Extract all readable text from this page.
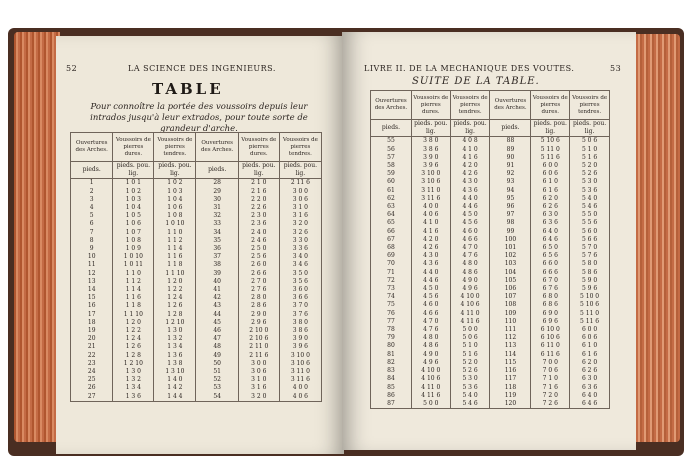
52	LA SCIENCE DES INGENIEURS.
TABLE
Pour connoître la portée des voussoirs depuis leur intrados jusqu'à leur extrados, pour toute sorte de grandeur d'arche.
Ouvertures des Arches.	Voussoirs de pierres dures.	Voussoirs de pierres tendres.	Ouvertures des Arches.	Voussoirs de pierres dures.	Voussoirs de pierres tendres.
pieds.	pieds. pou. lig.	pieds. pou. lig.	pieds.	pieds. pou. lig.	pieds. pou. lig.
1	1 0 1	1 0 2	28	2 1 0	2 11 6
2	1 0 2	1 0 3	29	2 1 6	3 0 0
3	1 0 3	1 0 4	30	2 2 0	3 0 6
4	1 0 4	1 0 6	31	2 2 6	3 1 0
5	1 0 5	1 0 8	32	2 3 0	3 1 6
6	1 0 6	1 0 10	33	2 3 6	3 2 0
7	1 0 7	1 1 0	34	2 4 0	3 2 6
8	1 0 8	1 1 2	35	2 4 6	3 3 0
9	1 0 9	1 1 4	36	2 5 0	3 3 6
10	1 0 10	1 1 6	37	2 5 6	3 4 0
11	1 0 11	1 1 8	38	2 6 0	3 4 6
12	1 1 0	1 1 10	39	2 6 6	3 5 0
13	1 1 2	1 2 0	40	2 7 0	3 5 6
14	1 1 4	1 2 2	41	2 7 6	3 6 0
15	1 1 6	1 2 4	42	2 8 0	3 6 6
16	1 1 8	1 2 6	43	2 8 6	3 7 0
17	1 1 10	1 2 8	44	2 9 0	3 7 6
18	1 2 0	1 2 10	45	2 9 6	3 8 0
19	1 2 2	1 3 0	46	2 10 0	3 8 6
20	1 2 4	1 3 2	47	2 10 6	3 9 0
21	1 2 6	1 3 4	48	2 11 0	3 9 6
22	1 2 8	1 3 6	49	2 11 6	3 10 0
23	1 2 10	1 3 8	50	3 0 0	3 10 6
24	1 3 0	1 3 10	51	3 0 6	3 11 0
25	1 3 2	1 4 0	52	3 1 0	3 11 6
26	1 3 4	1 4 2	53	3 1 6	4 0 0
27	1 3 6	1 4 4	54	3 2 0	4 0 6
LIVRE II. DE LA MECHANIQUE DES VOUTES.	53
SUITE DE LA TABLE.
Ouvertures des Arches.	Voussoirs de pierres dures.	Voussoirs de pierres tendres.	Ouvertures des Arches.	Voussoirs de pierres dures.	Voussoirs de pierres tendres.
pieds.	pieds. pou. lig.	pieds. pou. lig.	pieds.	pieds. pou. lig.	pieds. pou. lig.
55	3 8 0	4 0 8	88	5 10 6	5 0 6
56	3 8 6	4 1 0	89	5 11 0	5 1 0
57	3 9 0	4 1 6	90	5 11 6	5 1 6
58	3 9 6	4 2 0	91	6 0 0	5 2 0
59	3 10 0	4 2 6	92	6 0 6	5 2 6
60	3 10 6	4 3 0	93	6 1 0	5 3 0
61	3 11 0	4 3 6	94	6 1 6	5 3 6
62	3 11 6	4 4 0	95	6 2 0	5 4 0
63	4 0 0	4 4 6	96	6 2 6	5 4 6
64	4 0 6	4 5 0	97	6 3 0	5 5 0
65	4 1 0	4 5 6	98	6 3 6	5 5 6
66	4 1 6	4 6 0	99	6 4 0	5 6 0
67	4 2 0	4 6 6	100	6 4 6	5 6 6
68	4 2 6	4 7 0	101	6 5 0	5 7 0
69	4 3 0	4 7 6	102	6 5 6	5 7 6
70	4 3 6	4 8 0	103	6 6 0	5 8 0
71	4 4 0	4 8 6	104	6 6 6	5 8 6
72	4 4 6	4 9 0	105	6 7 0	5 9 0
73	4 5 0	4 9 6	106	6 7 6	5 9 6
74	4 5 6	4 10 0	107	6 8 0	5 10 0
75	4 6 0	4 10 6	108	6 8 6	5 10 6
76	4 6 6	4 11 0	109	6 9 0	5 11 0
77	4 7 0	4 11 6	110	6 9 6	5 11 6
78	4 7 6	5 0 0	111	6 10 0	6 0 0
79	4 8 0	5 0 6	112	6 10 6	6 0 6
80	4 8 6	5 1 0	113	6 11 0	6 1 0
81	4 9 0	5 1 6	114	6 11 6	6 1 6
82	4 9 6	5 2 0	115	7 0 0	6 2 0
83	4 10 0	5 2 6	116	7 0 6	6 2 6
84	4 10 6	5 3 0	117	7 1 0	6 3 0
85	4 11 0	5 3 6	118	7 1 6	6 3 6
86	4 11 6	5 4 0	119	7 2 0	6 4 0
87	5 0 0	5 4 6	120	7 2 6	6 4 6
